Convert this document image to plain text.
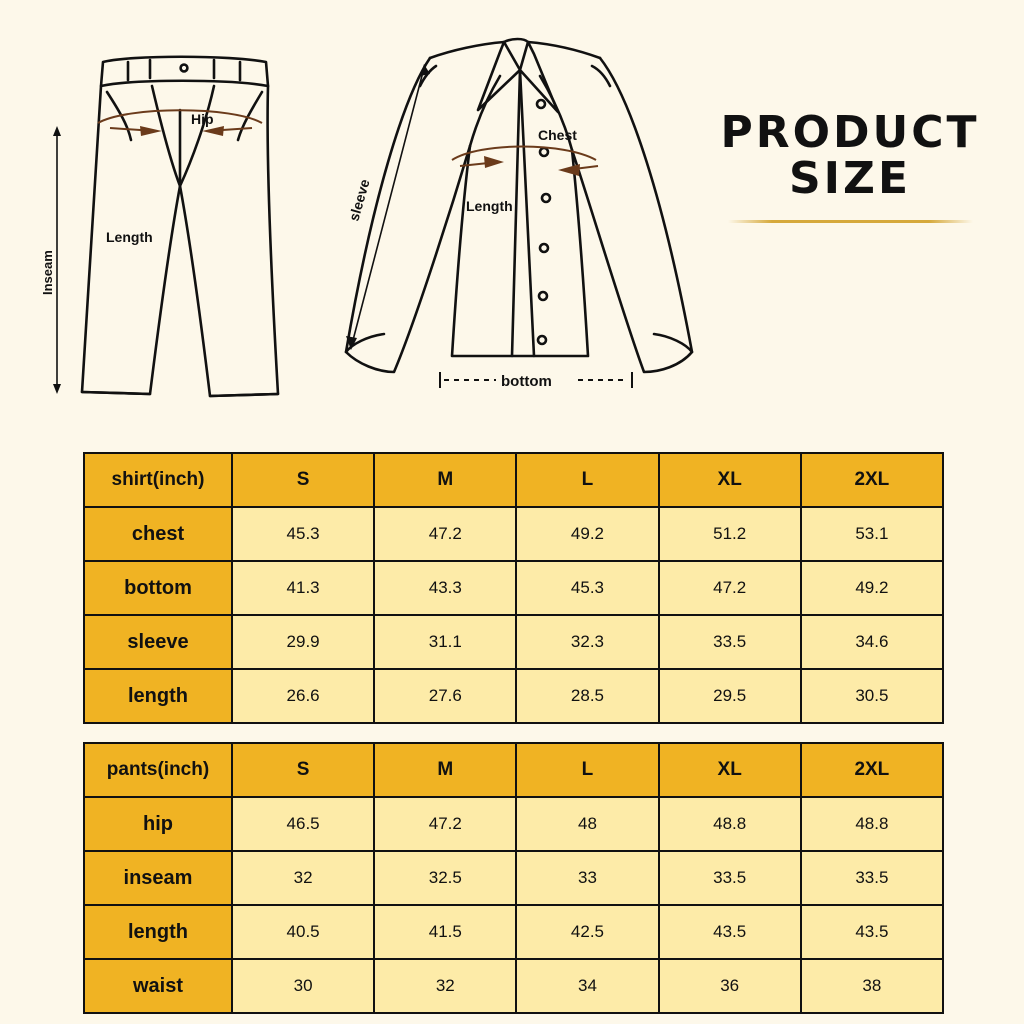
Hip
Length
Inseam
Chest
Length
sleeve
bottom
PRODUCT
SIZE
shirt(inch)	S	M	L	XL	2XL
chest	45.3	47.2	49.2	51.2	53.1
bottom	41.3	43.3	45.3	47.2	49.2
sleeve	29.9	31.1	32.3	33.5	34.6
length	26.6	27.6	28.5	29.5	30.5
pants(inch)	S	M	L	XL	2XL
hip	46.5	47.2	48	48.8	48.8
inseam	32	32.5	33	33.5	33.5
length	40.5	41.5	42.5	43.5	43.5
waist	30	32	34	36	38
